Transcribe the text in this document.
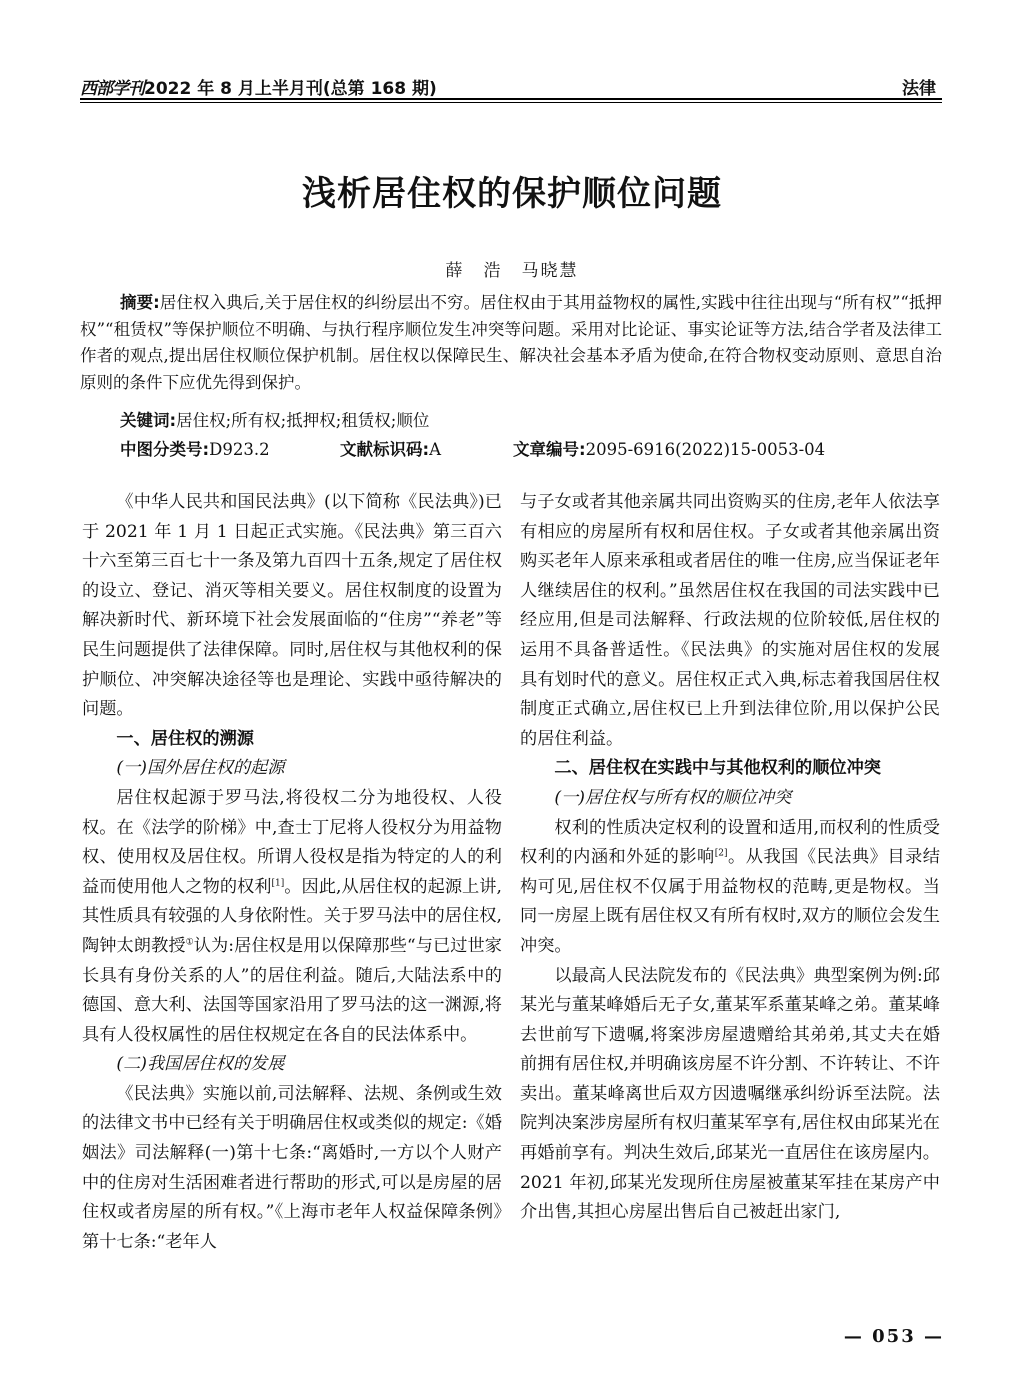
西部学刊2022 年 8 月上半月刊(总第 168 期)	法律
浅析居住权的保护顺位问题
薛　浩　马晓慧

摘要:居住权入典后,关于居住权的纠纷层出不穷。居住权由于其用益物权的属性,实践中往往出现与“所有权”“抵押权”“租赁权”等保护顺位不明确、与执行程序顺位发生冲突等问题。采用对比论证、事实论证等方法,结合学者及法律工作者的观点,提出居住权顺位保护机制。居住权以保障民生、解决社会基本矛盾为使命,在符合物权变动原则、意思自治原则的条件下应优先得到保护。

关键词:居住权;所有权;抵押权;租赁权;顺位
中图分类号:D923.2	文献标识码:A	文章编号:2095-6916(2022)15-0053-04

《中华人民共和国民法典》(以下简称《民法典》)已于 2021 年 1 月 1 日起正式实施。《民法典》第三百六十六至第三百七十一条及第九百四十五条,规定了居住权的设立、登记、消灭等相关要义。居住权制度的设置为解决新时代、新环境下社会发展面临的“住房”“养老”等民生问题提供了法律保障。同时,居住权与其他权利的保护顺位、冲突解决途径等也是理论、实践中亟待解决的问题。

一、居住权的溯源
(一)国外居住权的起源

居住权起源于罗马法,将役权二分为地役权、人役权。在《法学的阶梯》中,查士丁尼将人役权分为用益物权、使用权及居住权。所谓人役权是指为特定的人的利益而使用他人之物的权利[1]。因此,从居住权的起源上讲,其性质具有较强的人身依附性。关于罗马法中的居住权,陶钟太朗教授①认为:居住权是用以保障那些“与已过世家长具有身份关系的人”的居住利益。随后,大陆法系中的德国、意大利、法国等国家沿用了罗马法的这一渊源,将具有人役权属性的居住权规定在各自的民法体系中。

(二)我国居住权的发展

《民法典》实施以前,司法解释、法规、条例或生效的法律文书中已经有关于明确居住权或类似的规定:《婚姻法》司法解释(一)第十七条:“离婚时,一方以个人财产中的住房对生活困难者进行帮助的形式,可以是房屋的居住权或者房屋的所有权。”《上海市老年人权益保障条例》第十七条:“老年人

与子女或者其他亲属共同出资购买的住房,老年人依法享有相应的房屋所有权和居住权。子女或者其他亲属出资购买老年人原来承租或者居住的唯一住房,应当保证老年人继续居住的权利。”虽然居住权在我国的司法实践中已经应用,但是司法解释、行政法规的位阶较低,居住权的运用不具备普适性。《民法典》的实施对居住权的发展具有划时代的意义。居住权正式入典,标志着我国居住权制度正式确立,居住权已上升到法律位阶,用以保护公民的居住利益。

二、居住权在实践中与其他权利的顺位冲突
(一)居住权与所有权的顺位冲突

权利的性质决定权利的设置和适用,而权利的性质受权利的内涵和外延的影响[2]。从我国《民法典》目录结构可见,居住权不仅属于用益物权的范畴,更是物权。当同一房屋上既有居住权又有所有权时,双方的顺位会发生冲突。

以最高人民法院发布的《民法典》典型案例为例:邱某光与董某峰婚后无子女,董某军系董某峰之弟。董某峰去世前写下遗嘱,将案涉房屋遗赠给其弟弟,其丈夫在婚前拥有居住权,并明确该房屋不许分割、不许转让、不许卖出。董某峰离世后双方因遗嘱继承纠纷诉至法院。法院判决案涉房屋所有权归董某军享有,居住权由邱某光在再婚前享有。判决生效后,邱某光一直居住在该房屋内。2021 年初,邱某光发现所住房屋被董某军挂在某房产中介出售,其担心房屋出售后自己被赶出家门,

— 053 —
